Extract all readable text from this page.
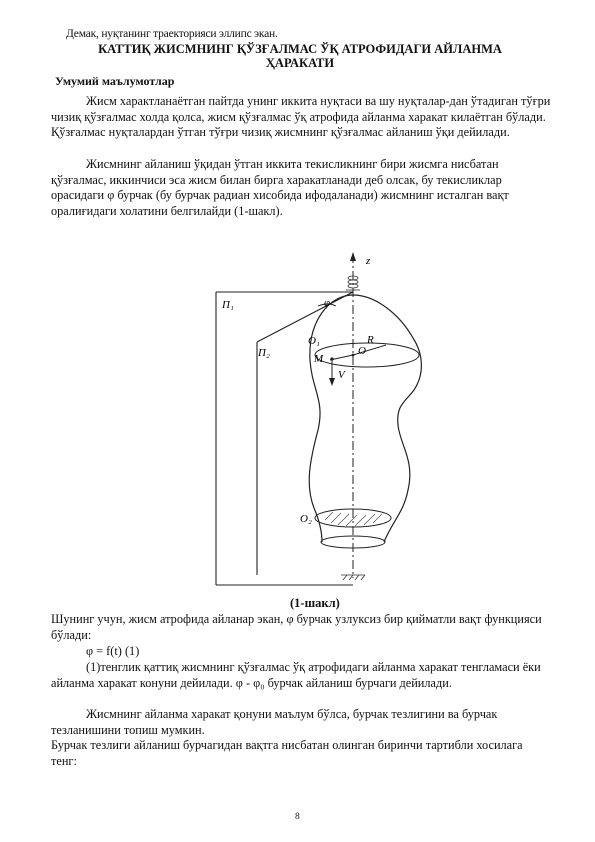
Демак, нуқтанинг траекторияси эллипс экан.
КАТТИҚ ЖИСМНИНГ ҚЎЗҒАЛМАС ЎҚ АТРОФИДАГИ АЙЛАНМА
ҲАРАКАТИ
Умумий маълумотлар
Жисм характланаётган пайтда унинг иккита нуқтаси ва шу нуқталар-дан ўтадиган тўғри чизиқ қўзғалмас холда қолса, жисм қўзғалмас ўқ атрофида айланма харакат килаётган бўлади. Қўзғалмас нуқталардан ўтган тўғри чизиқ жисмнинг қўзғалмас айланиш ўқи дейилади.
Жисмнинг айланиш ўқидан ўтган иккита текисликнинг бири жисмга нисбатан қўзғалмас, иккинчиси эса жисм билан бирга харакатланади деб олсак, бу текисликлар орасидаги φ бурчак (бу бурчак радиан хисобида ифодаланади) жисмнинг исталган вақт оралиғидаги холатини белгилайди (1-шакл).
z
φ
Π₁
Π₂
O₁	R
O
M
V
O₂
(1-шакл)
Шунинг учун, жисм атрофида айланар экан, φ бурчак узлуксиз бир қийматли вақт функцияси бўлади:
φ = f(t) (1)
(1)тенглик қаттиқ жисмнинг қўзғалмас ўқ атрофидаги айланма харакат тенгламаси ёки айланма харакат конуни дейилади. φ - φ₀ бурчак айланиш бурчаги дейилади.
Жисмнинг айланма харакат қонуни маълум бўлса, бурчак тезлигини ва бурчак тезланишини топиш мумкин.
Бурчак тезлиги айланиш бурчагидан вақтга нисбатан олинган биринчи тартибли хосилага тенг:
8
